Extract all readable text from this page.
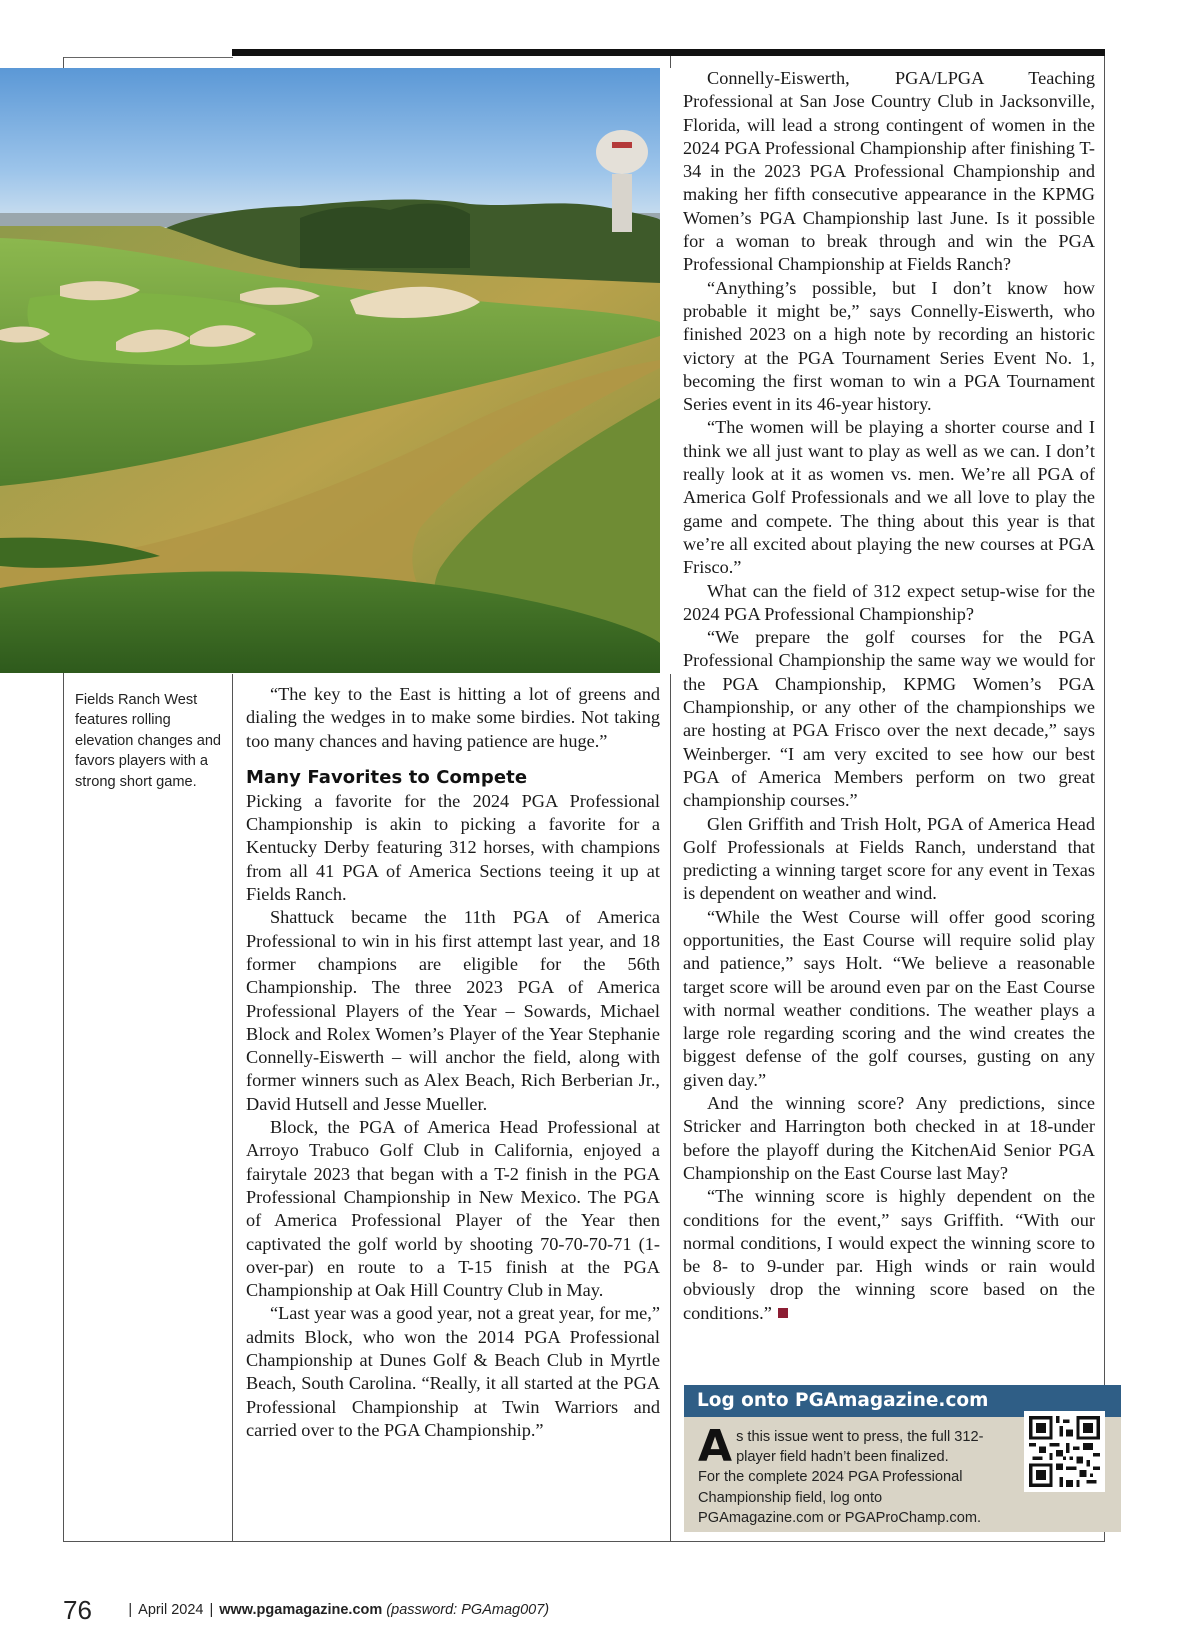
Fields Ranch West features rolling elevation changes and favors players with a strong short game.

“The key to the East is hitting a lot of greens and dialing the wedges in to make some birdies. Not taking too many chances and having patience are huge.”

Many Favorites to Compete

Picking a favorite for the 2024 PGA Professional Championship is akin to picking a favorite for a Kentucky Derby featuring 312 horses, with champions from all 41 PGA of America Sections teeing it up at Fields Ranch.

Shattuck became the 11th PGA of America Professional to win in his first attempt last year, and 18 former champions are eligible for the 56th Championship. The three 2023 PGA of America Professional Players of the Year – Sowards, Michael Block and Rolex Women’s Player of the Year Stephanie Connelly-Eiswerth – will anchor the field, along with former winners such as Alex Beach, Rich Berberian Jr., David Hutsell and Jesse Mueller.

Block, the PGA of America Head Professional at Arroyo Trabuco Golf Club in California, enjoyed a fairytale 2023 that began with a T-2 finish in the PGA Professional Championship in New Mexico. The PGA of America Professional Player of the Year then captivated the golf world by shooting 70-70-70-71 (1-over-par) en route to a T-15 finish at the PGA Championship at Oak Hill Country Club in May.

“Last year was a good year, not a great year, for me,” admits Block, who won the 2014 PGA Professional Championship at Dunes Golf & Beach Club in Myrtle Beach, South Carolina. “Really, it all started at the PGA Professional Championship at Twin Warriors and carried over to the PGA Championship.”

Connelly-Eiswerth, PGA/LPGA Teaching Professional at San Jose Country Club in Jacksonville, Florida, will lead a strong contingent of women in the 2024 PGA Professional Championship after finishing T-34 in the 2023 PGA Professional Championship and making her fifth consecutive appearance in the KPMG Women’s PGA Championship last June. Is it possible for a woman to break through and win the PGA Professional Championship at Fields Ranch?

“Anything’s possible, but I don’t know how probable it might be,” says Connelly-Eiswerth, who finished 2023 on a high note by recording an historic victory at the PGA Tournament Series Event No. 1, becoming the first woman to win a PGA Tournament Series event in its 46-year history.

“The women will be playing a shorter course and I think we all just want to play as well as we can. I don’t really look at it as women vs. men. We’re all PGA of America Golf Professionals and we all love to play the game and compete. The thing about this year is that we’re all excited about playing the new courses at PGA Frisco.”

What can the field of 312 expect setup-wise for the 2024 PGA Professional Championship?

“We prepare the golf courses for the PGA Professional Championship the same way we would for the PGA Championship, KPMG Women’s PGA Championship, or any other of the championships we are hosting at PGA Frisco over the next decade,” says Weinberger. “I am very excited to see how our best PGA of America Members perform on two great championship courses.”

Glen Griffith and Trish Holt, PGA of America Head Golf Professionals at Fields Ranch, understand that predicting a winning target score for any event in Texas is dependent on weather and wind.

“While the West Course will offer good scoring opportunities, the East Course will require solid play and patience,” says Holt. “We believe a reasonable target score will be around even par on the East Course with normal weather conditions. The weather plays a large role regarding scoring and the wind creates the biggest defense of the golf courses, gusting on any given day.”

And the winning score? Any predictions, since Stricker and Harrington both checked in at 18-under before the playoff during the KitchenAid Senior PGA Championship on the East Course last May?

“The winning score is highly dependent on the conditions for the event,” says Griffith. “With our normal conditions, I would expect the winning score to be 8- to 9-under par. High winds or rain would obviously drop the winning score based on the conditions.”

Log onto PGAmagazine.com
A s this issue went to press, the full 312-player field hadn’t been finalized.
For the complete 2024 PGA Professional Championship field, log onto PGAmagazine.com or PGAProChamp.com.
76	| April 2024 | www.pgamagazine.com (password: PGAmag007)
